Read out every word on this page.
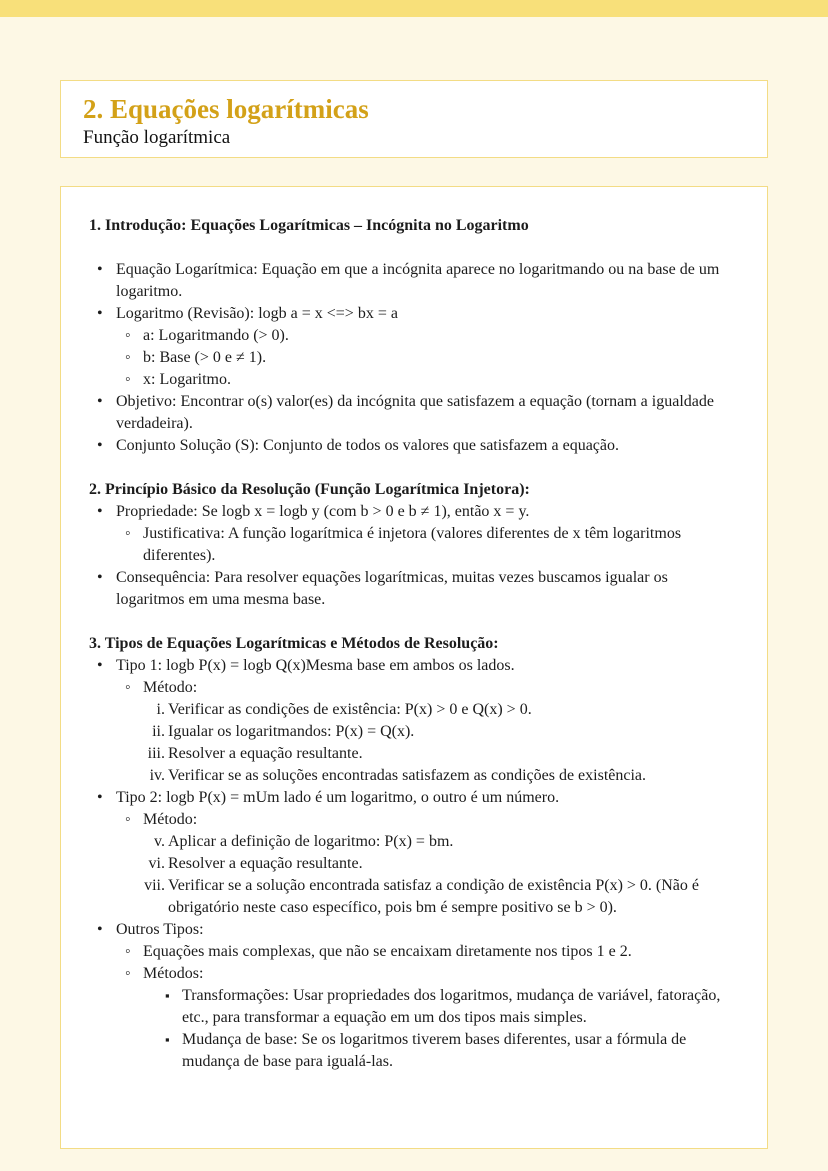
2. Equações logarítmicas
Função logarítmica
1. Introdução: Equações Logarítmicas – Incógnita no Logaritmo
• Equação Logarítmica: Equação em que a incógnita aparece no logaritmando ou na base de um logaritmo.
• Logaritmo (Revisão): logb a = x <=> bx = a
◦ a: Logaritmando (> 0).
◦ b: Base (> 0 e ≠ 1).
◦ x: Logaritmo.
• Objetivo: Encontrar o(s) valor(es) da incógnita que satisfazem a equação (tornam a igualdade verdadeira).
• Conjunto Solução (S): Conjunto de todos os valores que satisfazem a equação.
2. Princípio Básico da Resolução (Função Logarítmica Injetora):
• Propriedade: Se logb x = logb y (com b > 0 e b ≠ 1), então x = y.
◦ Justificativa: A função logarítmica é injetora (valores diferentes de x têm logaritmos diferentes).
• Consequência: Para resolver equações logarítmicas, muitas vezes buscamos igualar os logaritmos em uma mesma base.
3. Tipos de Equações Logarítmicas e Métodos de Resolução:
• Tipo 1: logb P(x) = logb Q(x)Mesma base em ambos os lados.
◦ Método:
i. Verificar as condições de existência: P(x) > 0 e Q(x) > 0.
ii. Igualar os logaritmandos: P(x) = Q(x).
iii. Resolver a equação resultante.
iv. Verificar se as soluções encontradas satisfazem as condições de existência.
• Tipo 2: logb P(x) = mUm lado é um logaritmo, o outro é um número.
◦ Método:
v. Aplicar a definição de logaritmo: P(x) = bm.
vi. Resolver a equação resultante.
vii. Verificar se a solução encontrada satisfaz a condição de existência P(x) > 0. (Não é obrigatório neste caso específico, pois bm é sempre positivo se b > 0).
• Outros Tipos:
◦ Equações mais complexas, que não se encaixam diretamente nos tipos 1 e 2.
◦ Métodos:
▪ Transformações: Usar propriedades dos logaritmos, mudança de variável, fatoração, etc., para transformar a equação em um dos tipos mais simples.
▪ Mudança de base: Se os logaritmos tiverem bases diferentes, usar a fórmula de mudança de base para igualá-las.
